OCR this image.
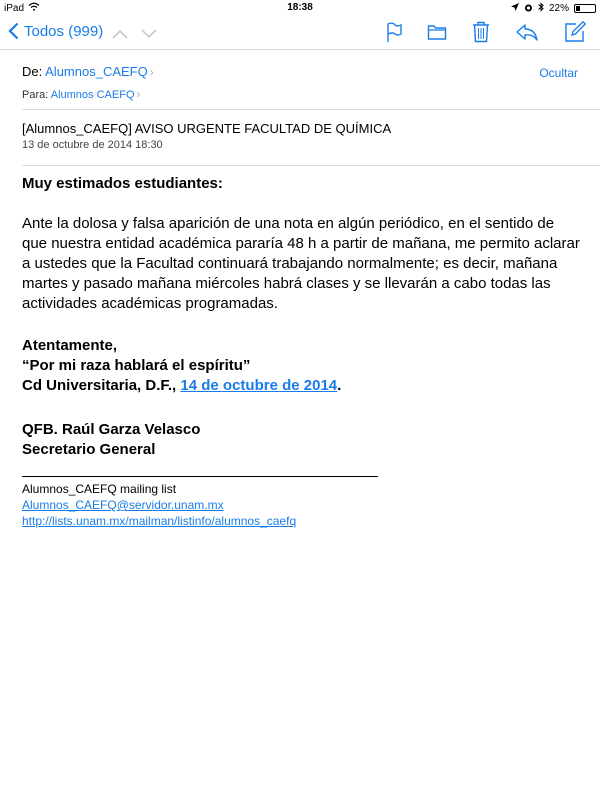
iPad	18:38	22%
Todos (999)
De: Alumnos_CAEFQ ›	Ocultar
Para: Alumnos CAEFQ ›
[Alumnos_CAEFQ] AVISO URGENTE FACULTAD DE QUÍMICA
13 de octubre de 2014 18:30
Muy estimados estudiantes:
Ante la dolosa y falsa aparición de una nota en algún periódico, en el sentido de que nuestra entidad académica pararía 48 h a partir de mañana, me permito aclarar a ustedes que la Facultad continuará trabajando normalmente; es decir, mañana martes y pasado mañana miércoles habrá clases y se llevarán a cabo todas las actividades académicas programadas.
Atentamente,
“Por mi raza hablará el espíritu”
Cd Universitaria, D.F., 14 de octubre de 2014.
QFB. Raúl Garza Velasco
Secretario General
Alumnos_CAEFQ mailing list
Alumnos_CAEFQ@servidor.unam.mx
http://lists.unam.mx/mailman/listinfo/alumnos_caefq
